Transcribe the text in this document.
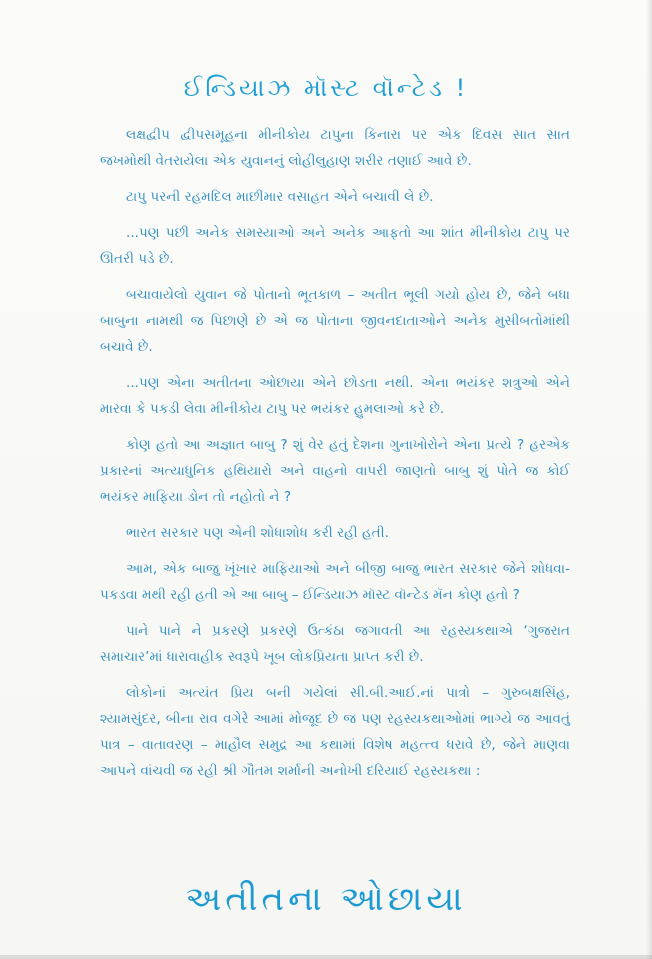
ઈન્ડિયાઝ મૉસ્ટ વૉન્ટેડ !

લક્ષદ્વીપ દ્વીપસમૂહના મીનીકોય ટાપુના કિનારા પર એક દિવસ સાત સાત જખમોથી વેતરાયેલા એક યુવાનનું લોહીલુહાણ શરીર તણાઈ આવે છે.

ટાપુ પરની રહમદિલ માછીમાર વસાહત એને બચાવી લે છે.

...પણ પછી અનેક સમસ્યાઓ અને અનેક આફતો આ શાંત મીનીકોય ટાપુ પર ઊતરી પડે છે.

બચાવાયેલો યુવાન જે પોતાનો ભૂતકાળ – અતીત ભૂલી ગયો હોય છે, જેને બધા બાબુના નામથી જ પિછાણે છે એ જ પોતાના જીવનદાતાઓને અનેક મુસીબતોમાંથી બચાવે છે.

...પણ એના અતીતના ઓછાયા એને છોડતા નથી. એના ભયંકર શત્રુઓ એને મારવા કે પકડી લેવા મીનીકોય ટાપુ પર ભયંકર હુમલાઓ કરે છે.

કોણ હતો આ અજ્ઞાત બાબુ ? શું વેર હતું દેશના ગુનાખોરોને એના પ્રત્યે ? હરએક પ્રકારનાં અત્યાધુનિક હથિયારો અને વાહનો વાપરી જાણતો બાબુ શું પોતે જ કોઈ ભયંકર માફિયા ડોન તો નહોતો ને ?

ભારત સરકાર પણ એની શોધાશોધ કરી રહી હતી.

આમ, એક બાજુ ખૂંખાર માફિયાઓ અને બીજી બાજુ ભારત સરકાર જેને શોધવા-પકડવા મથી રહી હતી એ આ બાબુ – ઈન્ડિયાઝ મૉસ્ટ વૉન્ટેડ મૅન કોણ હતો ?

પાને પાને ને પ્રકરણે પ્રકરણે ઉત્કંઠા જગાવતી આ રહસ્યકથાએ ‘ગુજરાત સમાચાર’માં ધારાવાહીક સ્વરૂપે ખૂબ લોકપ્રિયતા પ્રાપ્ત કરી છે.

લોકોનાં અત્યંત પ્રિય બની ગયેલાં સી.બી.આઈ.નાં પાત્રો – ગુરુબક્ષસિંહ, શ્યામસુંદર, બીના રાવ વગેરે આમાં મોજૂદ છે જ પણ રહસ્યકથાઓમાં ભાગ્યે જ આવતું પાત્ર – વાતાવરણ – માહૌલ સમુદ્ર આ કથામાં વિશેષ મહત્ત્વ ધરાવે છે, જેને માણવા આપને વાંચવી જ રહી શ્રી ગૌતમ શર્માની અનોખી દરિયાઈ રહસ્યકથા :

અતીતના ઓછાયા
